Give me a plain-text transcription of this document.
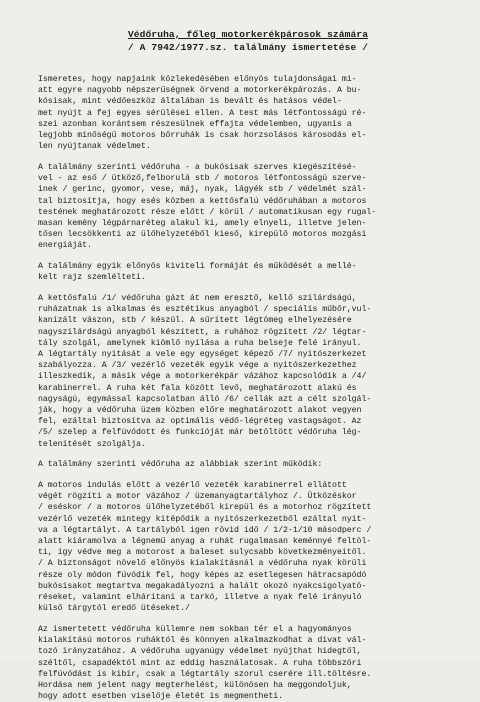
Védőruha, főleg motorkerékpárosok számára
/ A 7942/1977.sz. találmány ismertetése /

Ismeretes, hogy napjaink közlekedésében előnyös tulajdonságai mi-
att egyre nagyobb népszerűségnek örvend a motorkerékpározás. A bu-
kósisak, mint védőeszköz általában is bevált és hatásos védel-
met nyújt a fej egyes sérülései ellen. A test más létfontosságú ré-
szei azonban korántsem részesülnek effajta védelemben, ugyanis a
legjobb minőségű motoros bőrruhák is csak horzsolásos károsodás el-
len nyújtanak védelmet.

A találmány szerinti védőruha - a bukósisak szerves kiegészítésé-
vel - az eső / ütköző,felborulá stb / motoros létfontosságú szerve-
inek / gerinc, gyomor, vese, máj, nyak, lágyék stb / védelmét szál-
tal biztosítja, hogy esés közben a kettősfalú védőruhában a motoros
testének meghatározott része előtt / körül / automatikusan egy rugal-
masan kemény légpárnaréteg alakul ki, amely elnyeli, illetve jelen-
tősen lecsökkenti az ülőhelyzetéből kieső, kirepülő motoros mozgási
energiáját.

A találmány egyik előnyös kiviteli formáját és működését a mellé-
kelt rajz szemlélteti.

A kettősfalú /1/ védőruha gázt át nem eresztő, kellő szilárdságú,
ruházatnak is alkalmas és esztétikus anyagból / speciális műbőr,vul-
kanizált vászon, stb / készül. A sűrített légtömeg elhelyezésére
nagyszilárdságú anyagból készített, a ruhához rögzített /2/ légtar-
tály szolgál, amelynek kiömlő nyílása a ruha belseje felé irányul.
A légtartály nyitását a vele egy egységet képező /7/ nyitószerkezet
szabályozza. A /3/ vezérlő vezeték egyik vége a nyitószerkezethez
illeszkedik, a másik vége a motorkerékpár vázához kapcsolódik a /4/
karabinerrel. A ruha két fala között levő, meghatározott alakú és
nagyságú, egymással kapcsolatban álló /6/ cellák azt a célt szolgál-
ják, hogy a védőruha üzem közben előre meghatározott alakot vegyen
fel, ezáltal biztosítva az optimális védő-légréteg vastagságot. Az
/5/ szelep a felfúvódott és funkcióját már betöltött védőruha lég-
telenítését szolgálja.

A találmány szerinti védőruha az alábbiak szerint működik:

A motoros indulás előtt a vezérlő vezeték karabinerrel ellátott
végét rögzíti a motor vázához / üzemanyagtartályhoz /. Ütközéskor
/ eséskor / a motoros ülőhelyzetéből kirepül és a motorhoz rögzített
vezérlő vezeték mintegy kitépődik a nyitószerkezetből ezáltal nyit-
va a légtartályt. A tartályból igen rövid idő / 1/2-1/10 másodperc /
alatt kiáramolva a légnemű anyag a ruhát rugalmasan keménnyé feltöl-
ti, így védve meg a motorost a baleset sulycsabb következményeitől.
/ A biztonságot növelő előnyös kialakításnál a védőruha nyak körüli
része oly módon fúvódik fel, hogy képes az esetlegesen hátracsapódó
bukósisakot megtartva megakadályozni a halált okozó nyakcsigolyatö-
réseket, valamint elhárítani a tarkó, illetve a nyak felé irányuló
külső tárgytól eredő ütéseket./

Az ismertetett védőruha küllemre nem sokban tér el a hagyományos
kialakítású motoros ruháktól és könnyen alkalmazkodhat a divat vál-
tozó irányzatához. A védőruha ugyanúgy védelmet nyújthat hidegtől,
széltől, csapadéktól mint az eddig használatosak. A ruha többszöri
felfúvódást is kibír, csak a légtartály szorul cserére ill.töltésre.
Hordása nem jelent nagy megterhelést, különösen ha meggondoljuk,
hogy adott esetben viselője életét is megmentheti.
